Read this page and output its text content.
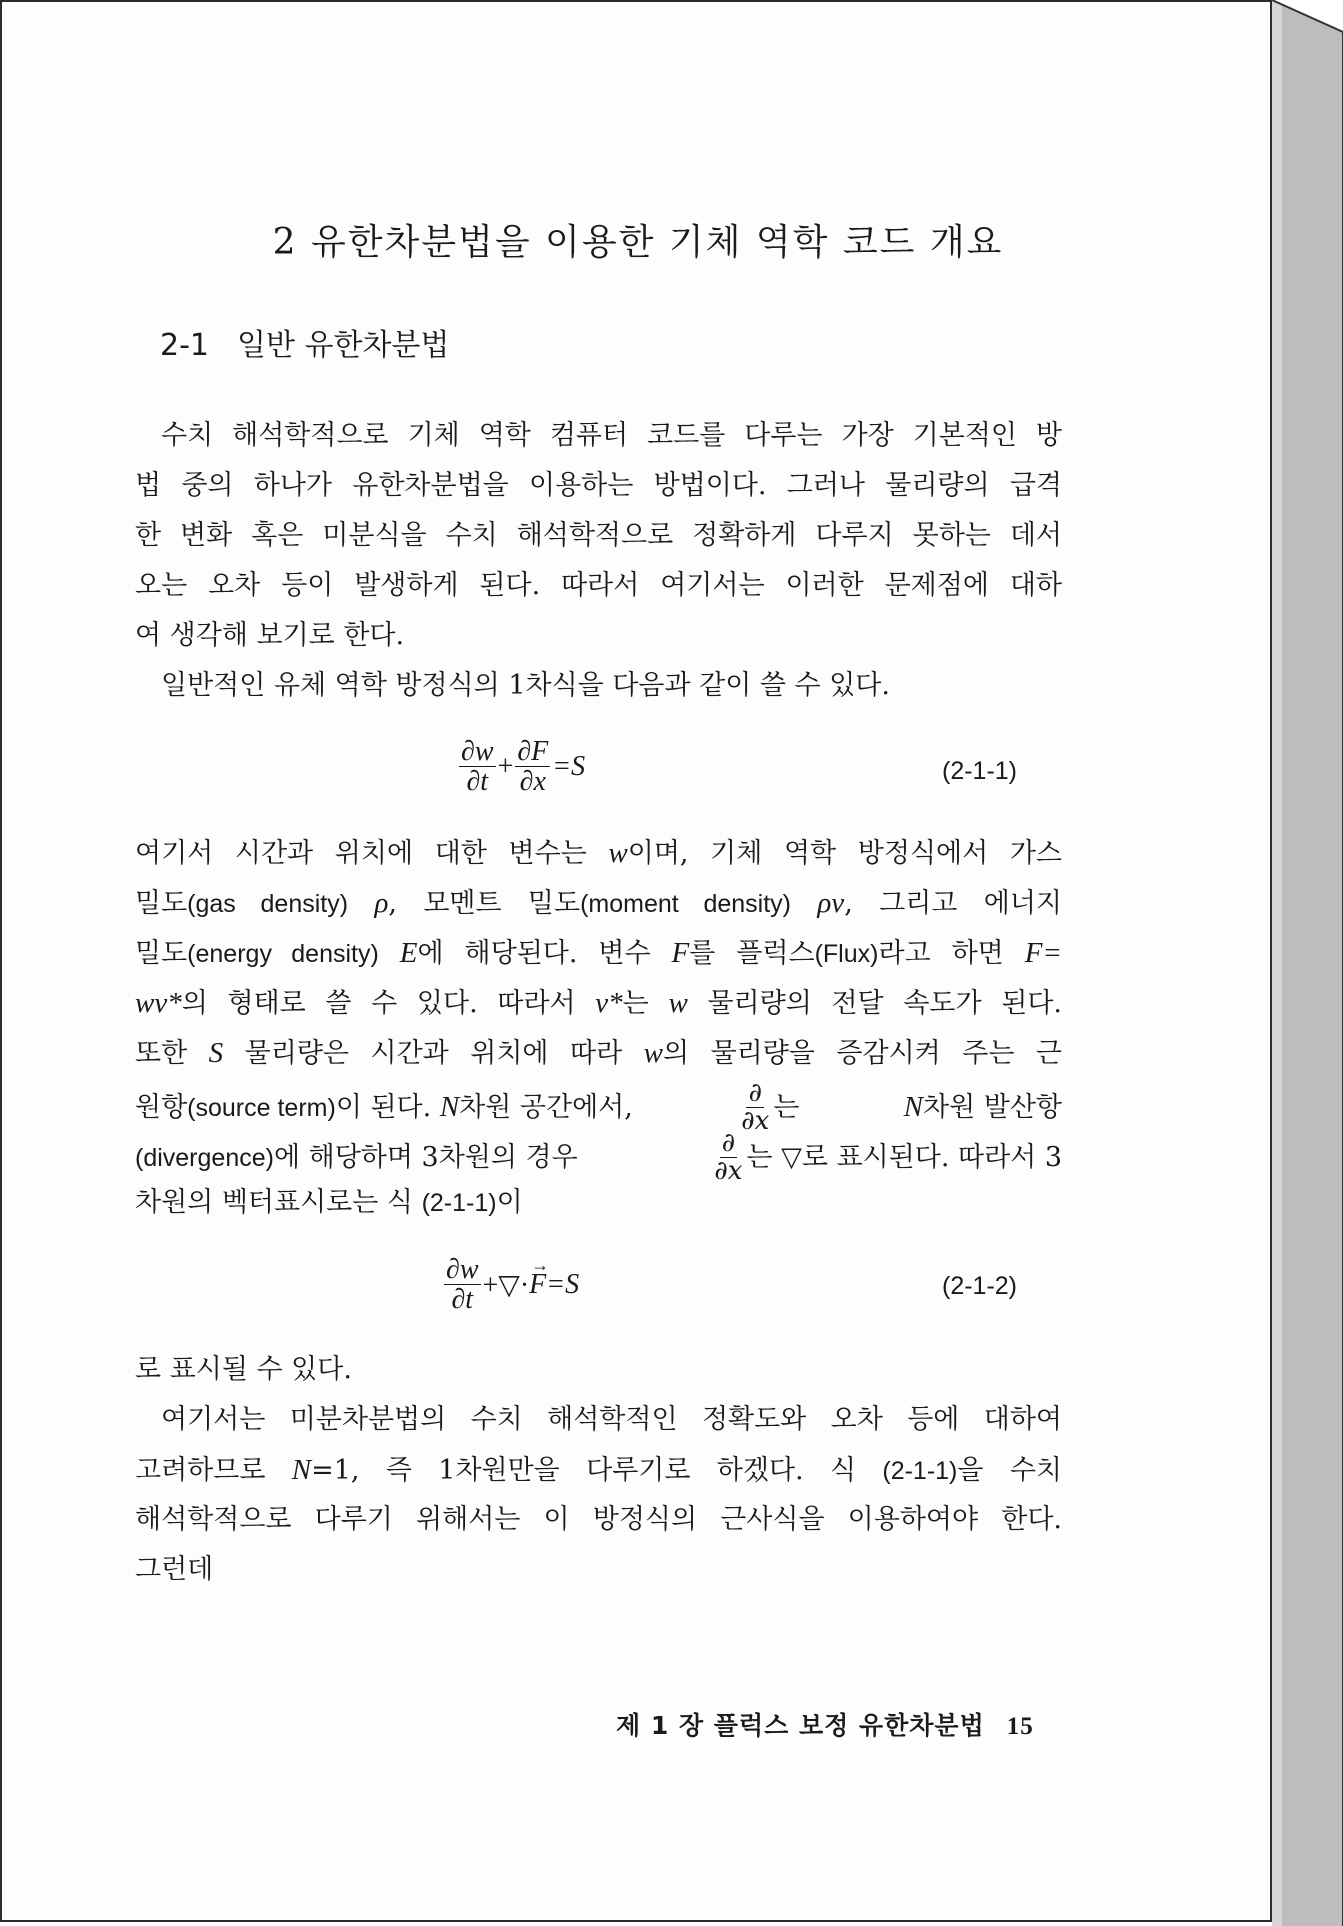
2 유한차분법을 이용한 기체 역학 코드 개요
2-1 일반 유한차분법
수치 해석학적으로 기체 역학 컴퓨터 코드를 다루는 가장 기본적인 방
법 중의 하나가 유한차분법을 이용하는 방법이다. 그러나 물리량의 급격
한 변화 혹은 미분식을 수치 해석학적으로 정확하게 다루지 못하는 데서
오는 오차 등이 발생하게 된다. 따라서 여기서는 이러한 문제점에 대하
여 생각해 보기로 한다.
일반적인 유체 역학 방정식의 1차식을 다음과 같이 쓸 수 있다.
$\frac{\partial w}{\partial t} + \frac{\partial F}{\partial x} =S$	(2-1-1)
여기서 시간과 위치에 대한 변수는 w이며, 기체 역학 방정식에서 가스
밀도(gas density) ρ, 모멘트 밀도(moment density) ρv, 그리고 에너지
밀도(energy density) E에 해당된다. 변수 F를 플럭스(Flux)라고 하면 F=
wv*의 형태로 쓸 수 있다. 따라서 v*는 w 물리량의 전달 속도가 된다.
또한 S 물리량은 시간과 위치에 따라 w의 물리량을 증감시켜 주는 근
원항(source term)이 된다. N차원 공간에서,	$\frac{\partial}{\partial x}$ 는	N차원 발산항
(divergence)에 해당하며 3차원의 경우	$\frac{\partial}{\partial x}$ 는 ▽로 표시된다. 따라서 3
차원의 벡터표시로는 식 (2-1-1)이
$\frac{\partial w}{\partial t}$ +▽· F
→
=S	(2-1-2)
로 표시될 수 있다.
여기서는 미분차분법의 수치 해석학적인 정확도와 오차 등에 대하여
고려하므로 N=1, 즉 1차원만을 다루기로 하겠다. 식 (2-1-1)을 수치
해석학적으로 다루기 위해서는 이 방정식의 근사식을 이용하여야 한다.
그런데
제 1 장 플럭스 보정 유한차분법 15
